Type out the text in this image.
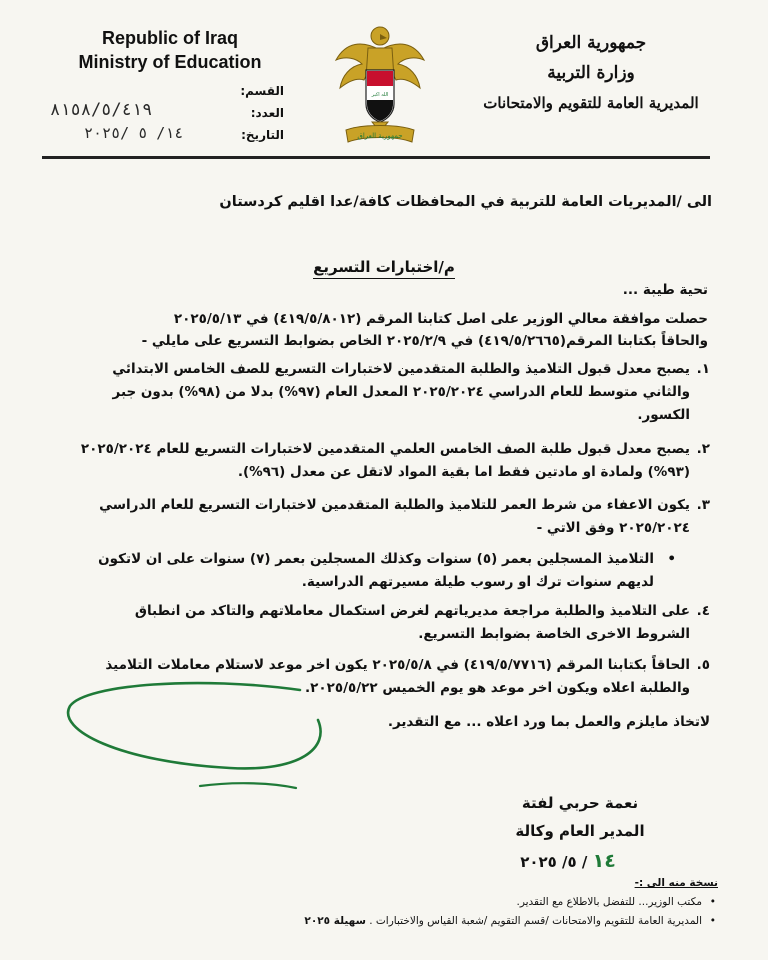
Republic of Iraq
Ministry of Education
جمهورية العراق
وزارة التربية
المديرية العامة للتقويم والامتحانات
الله اكبر
جمهورية العراق
القسم:
العدد:
٨١٥٨/٥/٤١٩
التاريخ:
١٤/ ٥ /٢٠٢٥
الى /المديريات العامة للتربية في المحافظات كافة/عدا اقليم كردستان
م/اختبارات التسريع
تحية طيبة ...
حصلت موافقة معالي الوزير على اصل كتابنا المرقم (٤١٩/٥/٨٠١٢) في ٢٠٢٥/٥/١٣
والحاقاً بكتابنا المرقم(٤١٩/٥/٢٦٦٥) في ٢٠٢٥/٢/٩ الخاص بضوابط التسريع على مايلي -
١.
يصبح معدل قبول التلاميذ والطلبة المتقدمين لاختبارات التسريع للصف الخامس الابتدائي والثاني متوسط للعام الدراسي ٢٠٢٥/٢٠٢٤ المعدل العام (٩٧%) بدلا من (٩٨%) بدون جبر الكسور.
٢.
يصبح معدل قبول طلبة الصف الخامس العلمي المتقدمين لاختبارات التسريع للعام ٢٠٢٥/٢٠٢٤ (٩٣%) ولمادة او مادتين فقط اما بقية المواد لاتقل عن معدل (٩٦%).
٣.
يكون الاعفاء من شرط العمر للتلاميذ والطلبة المتقدمين لاختبارات التسريع للعام الدراسي ٢٠٢٥/٢٠٢٤ وفق الاتي -
•
التلاميذ المسجلين بعمر (٥) سنوات وكذلك المسجلين بعمر (٧) سنوات على ان لاتكون لديهم سنوات ترك او رسوب طيلة مسيرتهم الدراسية.
٤.
على التلاميذ والطلبة مراجعة مديرياتهم لغرض استكمال معاملاتهم والتاكد من انطباق الشروط الاخرى الخاصة بضوابط التسريع.
٥.
الحاقاً بكتابنا المرقم (٤١٩/٥/٧٧١٦) في ٢٠٢٥/٥/٨ يكون اخر موعد لاستلام معاملات التلاميذ والطلبة اعلاه ويكون اخر موعد هو يوم الخميس ٢٠٢٥/٥/٢٢.
لاتخاذ مايلزم والعمل بما ورد اعلاه ... مع التقدير.
نعمة حربي لفتة
المدير العام وكالة
١٤ / ٥/ ٢٠٢٥
نسخة منه الى :-
• مكتب الوزير... للتفضل بالاطلاع مع التقدير.
• المديرية العامة للتقويم والامتحانات /قسم التقويم /شعبة القياس والاختبارات . سهيلة ٢٠٢٥
